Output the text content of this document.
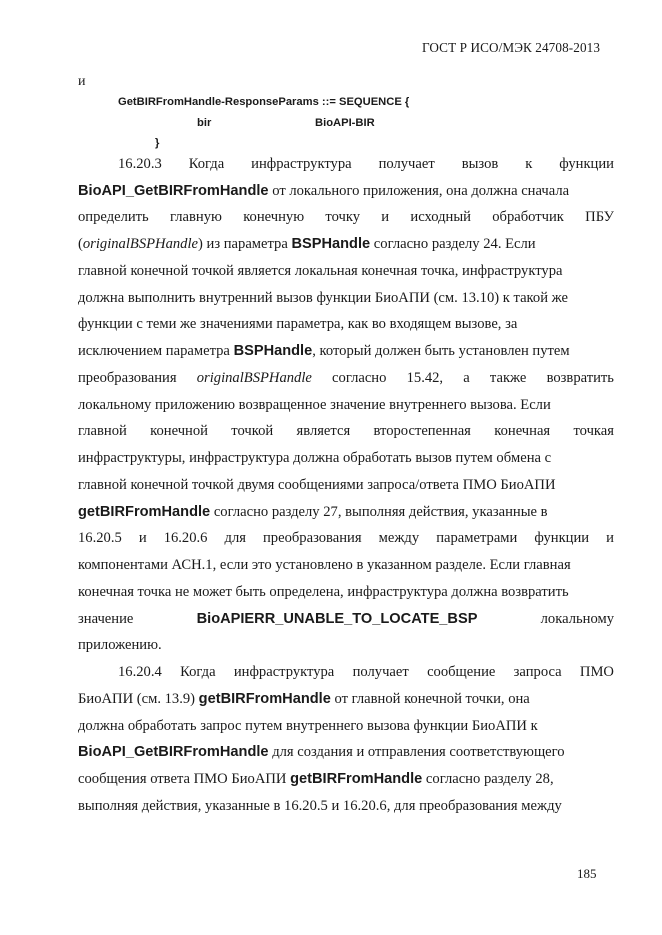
ГОСТ Р ИСО/МЭК 24708-2013
и
GetBIRFromHandle-ResponseParams ::= SEQUENCE {
bir	BioAPI-BIR
}
16.20.3 Когда инфраструктура получает вызов к функции
BioAPI_GetBIRFromHandle от локального приложения, она должна сначала
определить главную конечную точку и исходный обработчик ПБУ
(originalBSPHandle) из параметра BSPHandle согласно разделу 24. Если
главной конечной точкой является локальная конечная точка, инфраструктура
должна выполнить внутренний вызов функции БиоАПИ (см. 13.10) к такой же
функции с теми же значениями параметра, как во входящем вызове, за
исключением параметра BSPHandle, который должен быть установлен путем
преобразования originalBSPHandle согласно 15.42, а также возвратить
локальному приложению возвращенное значение внутреннего вызова. Если
главной конечной точкой является второстепенная конечная точкая
инфраструктуры, инфраструктура должна обработать вызов путем обмена с
главной конечной точкой двумя сообщениями запроса/ответа ПМО БиоАПИ
getBIRFromHandle согласно разделу 27, выполняя действия, указанные в
16.20.5 и 16.20.6 для преобразования между параметрами функции и
компонентами АСН.1, если это установлено в указанном разделе. Если главная
конечная точка не может быть определена, инфраструктура должна возвратить
значение	BioAPIERR_UNABLE_TO_LOCATE_BSP	локальному
приложению.
16.20.4 Когда инфраструктура получает сообщение запроса ПМО
БиоАПИ (см. 13.9) getBIRFromHandle от главной конечной точки, она
должна обработать запрос путем внутреннего вызова функции БиоАПИ к
BioAPI_GetBIRFromHandle для создания и отправления соответствующего
сообщения ответа ПМО БиоАПИ getBIRFromHandle согласно разделу 28,
выполняя действия, указанные в 16.20.5 и 16.20.6, для преобразования между
185
